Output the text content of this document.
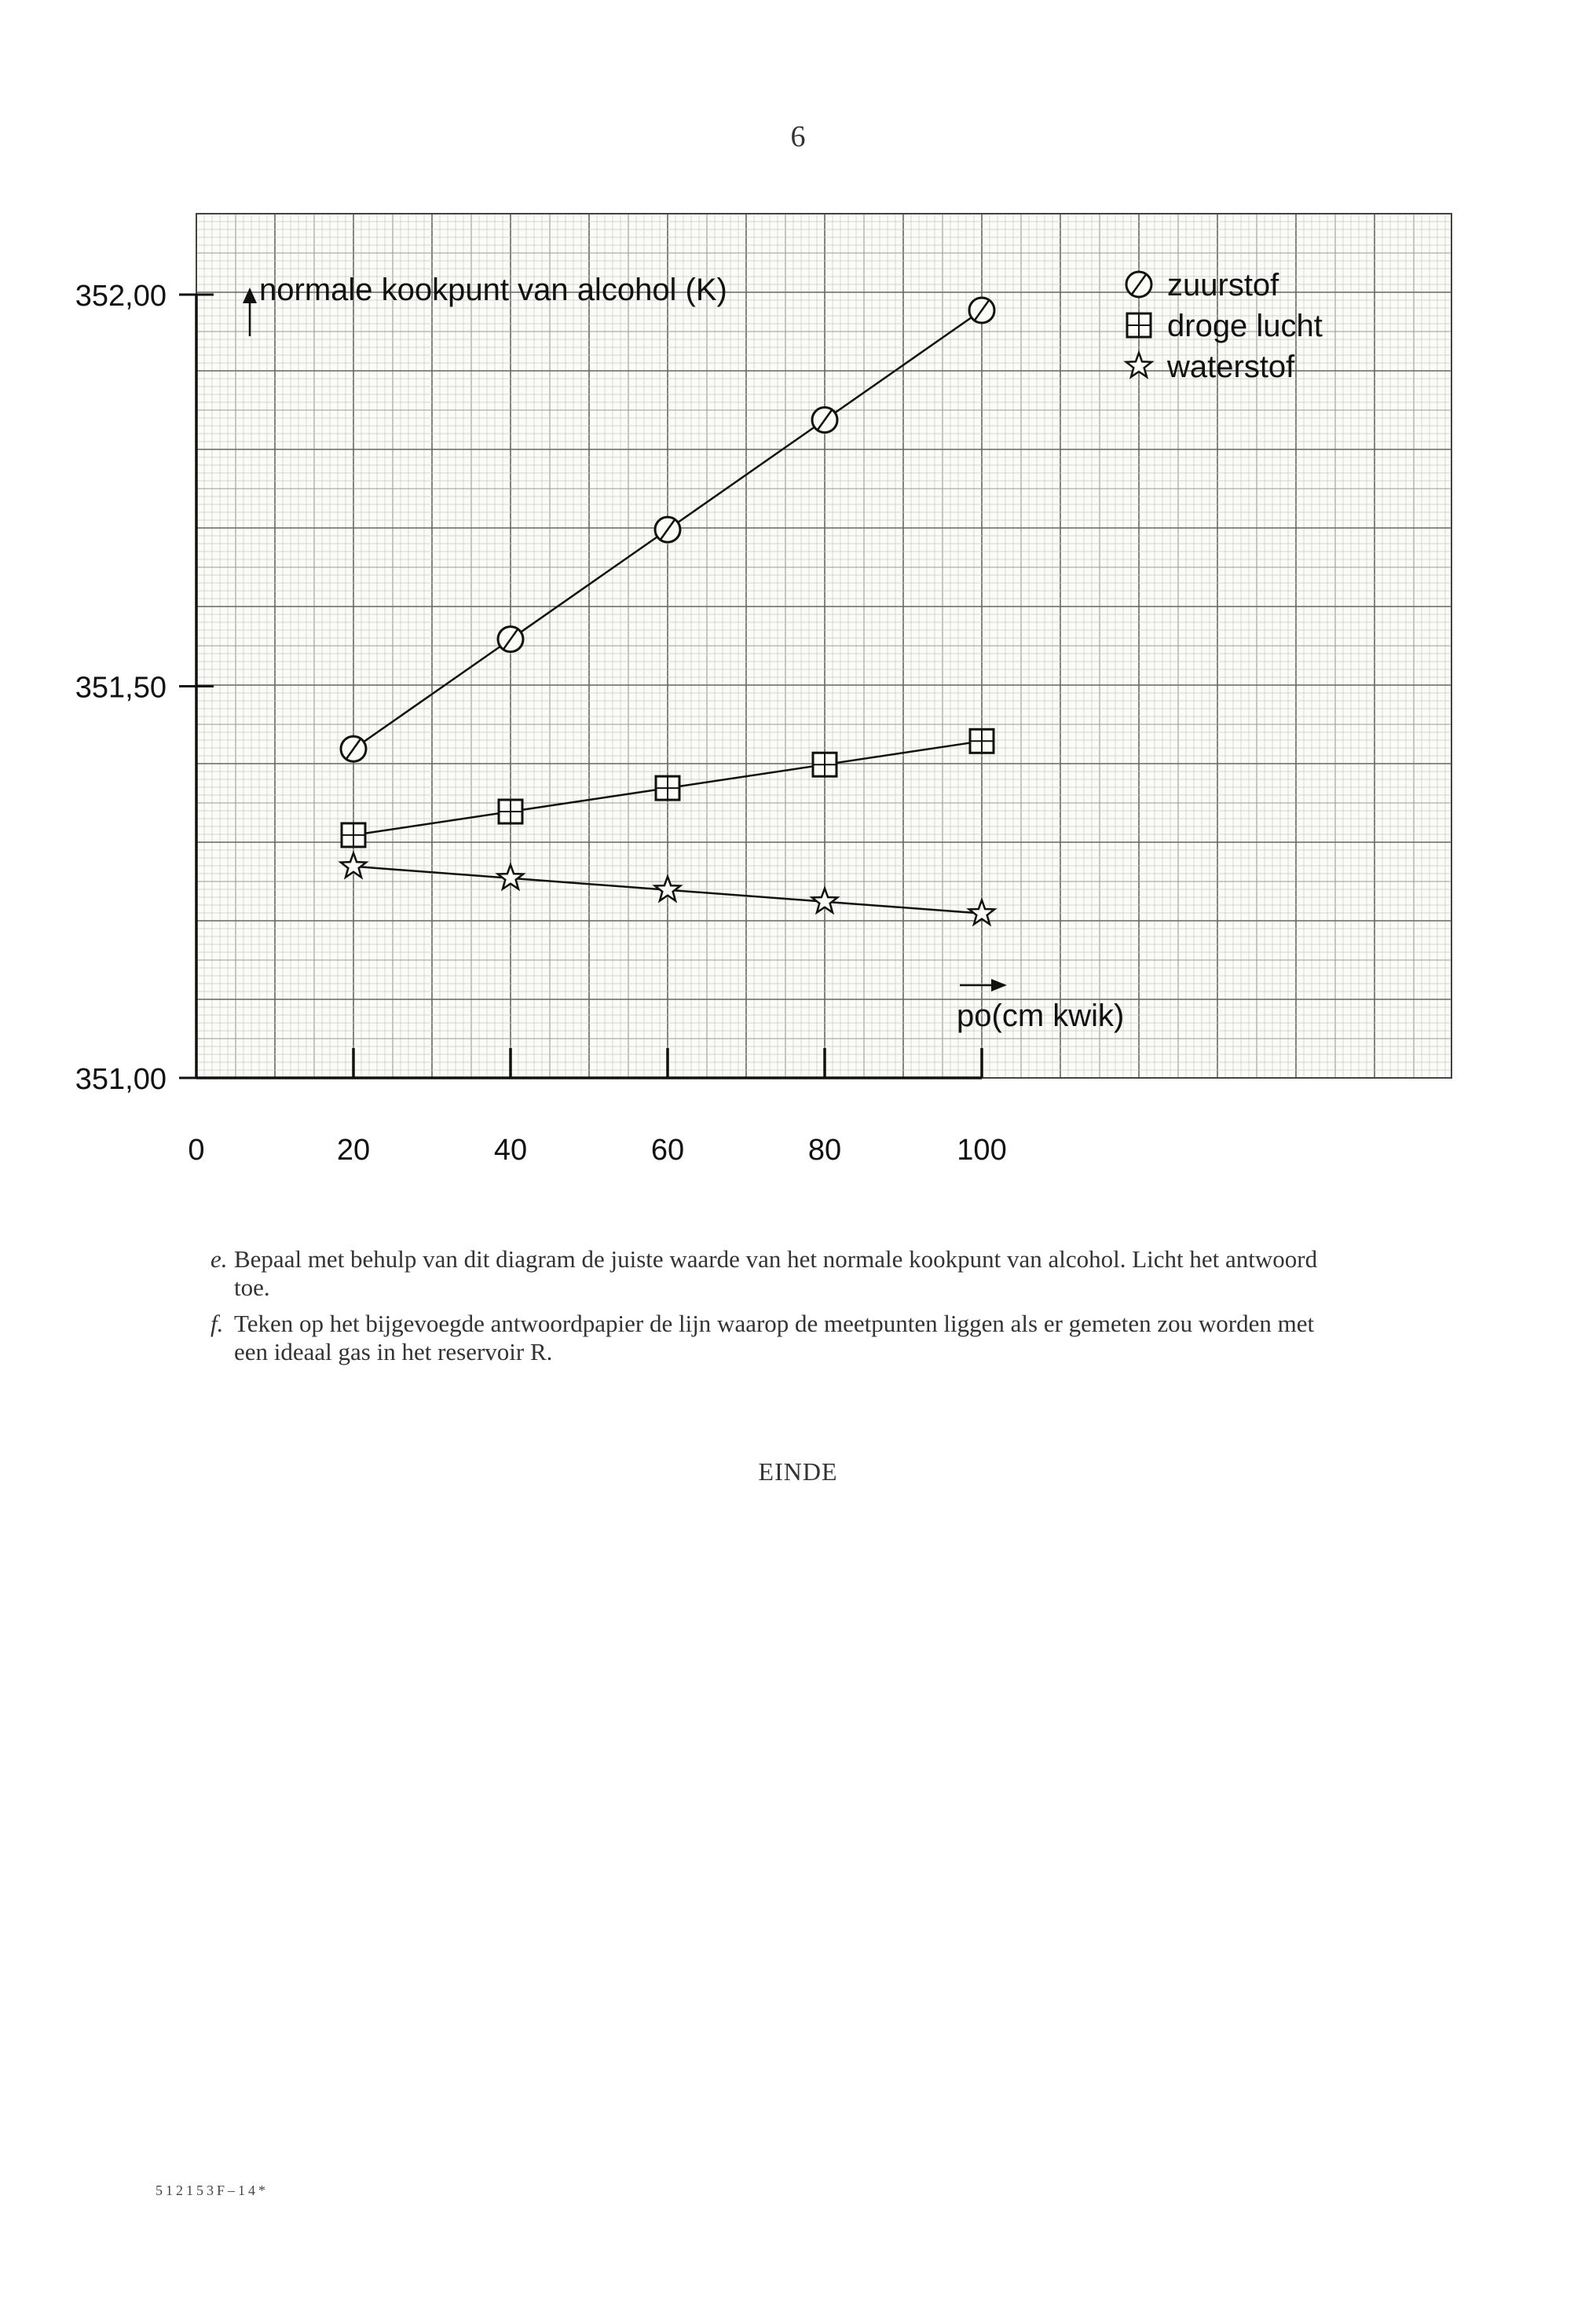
6
0	20	40	60	80	100
351,00
351,50
352,00	normale kookpunt van alcohol (K)
po(cm kwik)
zuurstof
droge lucht
waterstof
e. Bepaal met behulp van dit diagram de juiste waarde van het normale kookpunt van alcohol. Licht het antwoord toe.
f. Teken op het bijgevoegde antwoordpapier de lijn waarop de meetpunten liggen als er gemeten zou worden met een ideaal gas in het reservoir R.
EINDE
512153F–14*
